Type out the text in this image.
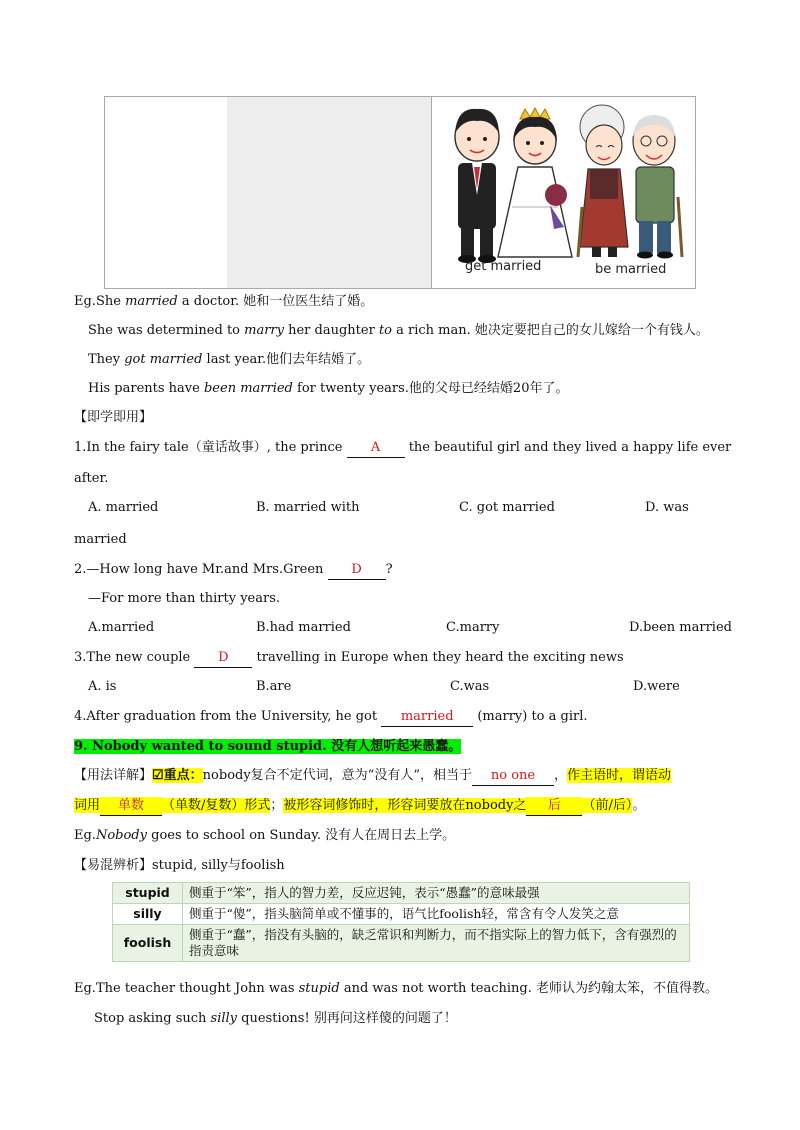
get married	be married
Eg.She married a doctor. 她和一位医生结了婚。
She was determined to marry her daughter to a rich man. 她决定要把自己的女儿嫁给一个有钱人。
They got married last year.他们去年结婚了。
His parents have been married for twenty years.他的父母已经结婚20年了。
【即学即用】
1.In the fairy tale（童话故事）, the prince A the beautiful girl and they lived a happy life ever
after.
A. married	B. married with	C. got married	D. was
married
2.—How long have Mr.and Mrs.Green D ?
—For more than thirty years.
A.married	B.had married	C.marry	D.been married
3.The new couple D travelling in Europe when they heard the exciting news
A. is	B.are	C.was	D.were
4.After graduation from the University, he got married (marry) to a girl.
9. Nobody wanted to sound stupid. 没有人想听起来愚蠢。
【用法详解】☑重点：nobody复合不定代词，意为“没有人”，相当于 no one ，作主语时，谓语动
词用 单数 （单数/复数）形式；被形容词修饰时，形容词要放在nobody之 后 （前/后）。
Eg.Nobody goes to school on Sunday. 没有人在周日去上学。
【易混辨析】stupid, silly与foolish
stupid	侧重于“笨”，指人的智力差，反应迟钝，表示“愚蠢”的意味最强
silly	侧重于“傻”，指头脑简单或不懂事的，语气比foolish轻，常含有令人发笑之意
foolish	侧重于“蠢”，指没有头脑的，缺乏常识和判断力，而不指实际上的智力低下，含有强烈的指责意味
Eg.The teacher thought John was stupid and was not worth teaching. 老师认为约翰太笨，不值得教。
Stop asking such silly questions! 别再问这样傻的问题了！
